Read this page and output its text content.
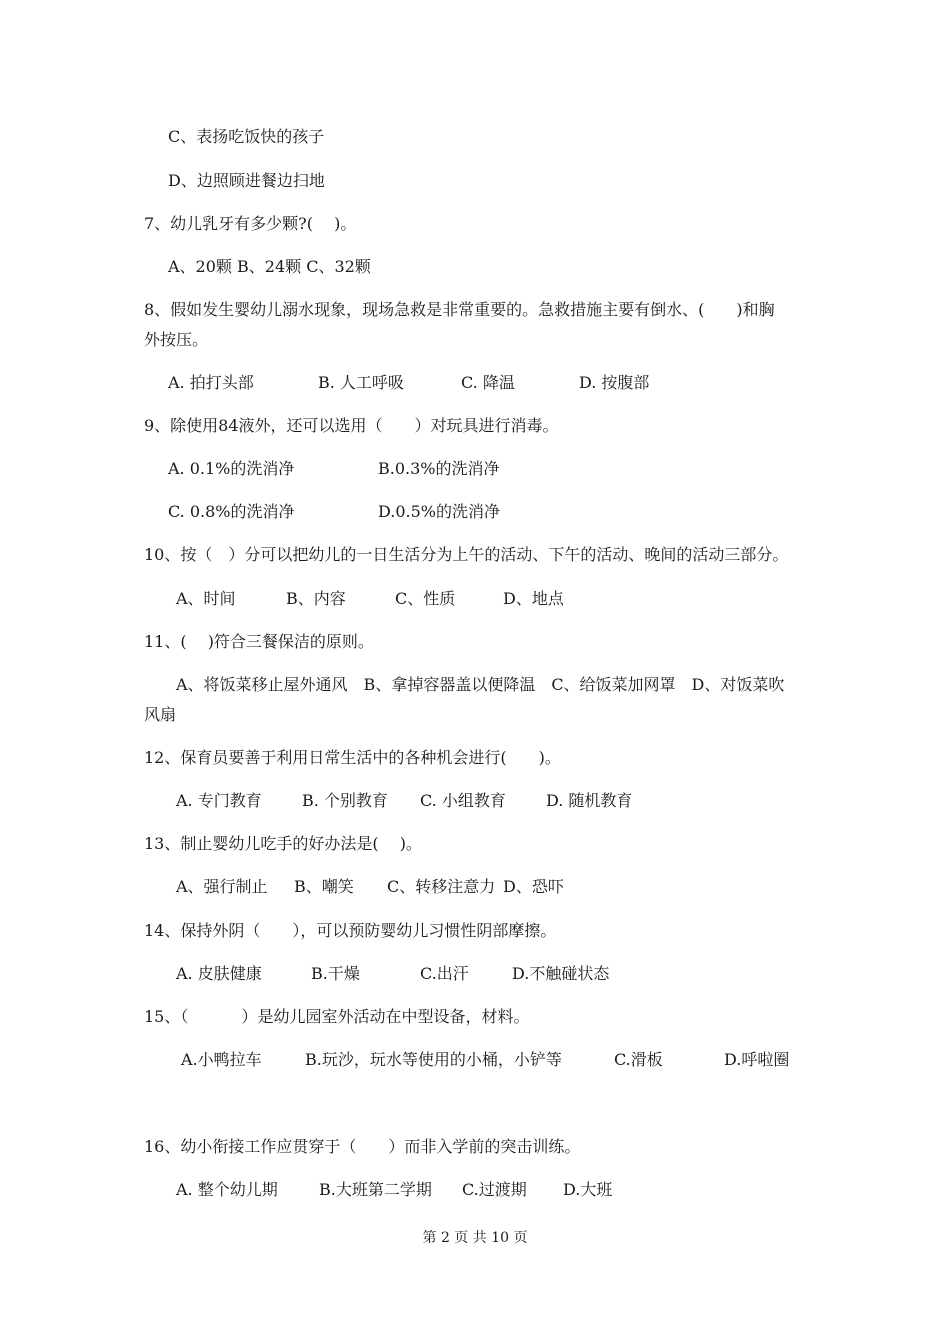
C、表扬吃饭快的孩子
D、边照顾进餐边扫地
7、幼儿乳牙有多少颗?(　 )。
A、20颗 B、24颗 C、32颗
8、假如发生婴幼儿溺水现象，现场急救是非常重要的。急救措施主要有倒水、(　　)和胸
外按压。
A. 拍打头部	B. 人工呼吸	C. 降温	D. 按腹部
9、除使用84液外，还可以选用（　　）对玩具进行消毒。
A. 0.1%的洗消净	B.0.3%的洗消净
C. 0.8%的洗消净	D.0.5%的洗消净
10、按（　）分可以把幼儿的一日生活分为上午的活动、下午的活动、晚间的活动三部分。
A、时间	B、内容	C、性质	D、地点
11、(　 )符合三餐保洁的原则。
A、将饭菜移止屋外通风　B、拿掉容器盖以便降温　C、给饭菜加网罩　D、对饭菜吹
风扇
12、保育员要善于利用日常生活中的各种机会进行(　　)。
A. 专门教育	B. 个别教育 C. 小组教育	D. 随机教育
13、制止婴幼儿吃手的好办法是(　 )。
A、强行制止 B、嘲笑 C、转移注意力 D、恐吓
14、保持外阴（　　），可以预防婴幼儿习惯性阴部摩擦。
A. 皮肤健康	B.干燥	C.出汗	D.不触碰状态
15、（　　　 ）是幼儿园室外活动在中型设备，材料。
A.小鸭拉车	B.玩沙，玩水等使用的小桶，小铲等	C.滑板	D.呼啦圈
16、幼小衔接工作应贯穿于（　　）而非入学前的突击训练。
A. 整个幼儿期	B.大班第二学期 C.过渡期 D.大班
第 2 页 共 10 页
